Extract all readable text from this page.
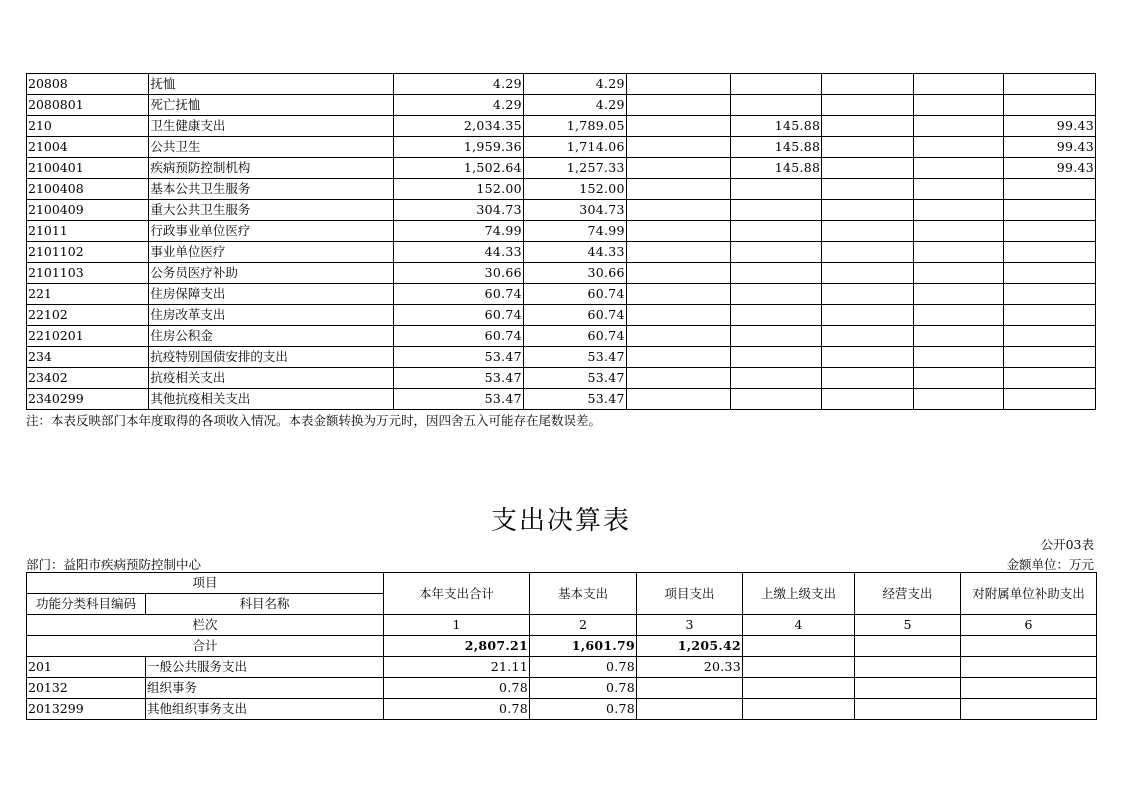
20808	抚恤	4.29	4.29					
2080801	死亡抚恤	4.29	4.29					
210	卫生健康支出	2,034.35	1,789.05		145.88			99.43
21004	公共卫生	1,959.36	1,714.06		145.88			99.43
2100401	疾病预防控制机构	1,502.64	1,257.33		145.88			99.43
2100408	基本公共卫生服务	152.00	152.00					
2100409	重大公共卫生服务	304.73	304.73					
21011	行政事业单位医疗	74.99	74.99					
2101102	事业单位医疗	44.33	44.33					
2101103	公务员医疗补助	30.66	30.66					
221	住房保障支出	60.74	60.74					
22102	住房改革支出	60.74	60.74					
2210201	住房公积金	60.74	60.74					
234	抗疫特别国债安排的支出	53.47	53.47					
23402	抗疫相关支出	53.47	53.47					
2340299	其他抗疫相关支出	53.47	53.47					
注：本表反映部门本年度取得的各项收入情况。本表金额转换为万元时，因四舍五入可能存在尾数误差。
支出决算表
公开03表
部门：益阳市疾病预防控制中心	金额单位：万元
项目		本年支出合计	基本支出	项目支出	上缴上级支出	经营支出	对附属单位补助支出
功能分类科目编码	科目名称						
栏次		1	2	3	4	5	6
合计		2,807.21	1,601.79	1,205.42			
201	一般公共服务支出	21.11	0.78	20.33			
20132	组织事务	0.78	0.78				
2013299	其他组织事务支出	0.78	0.78				
